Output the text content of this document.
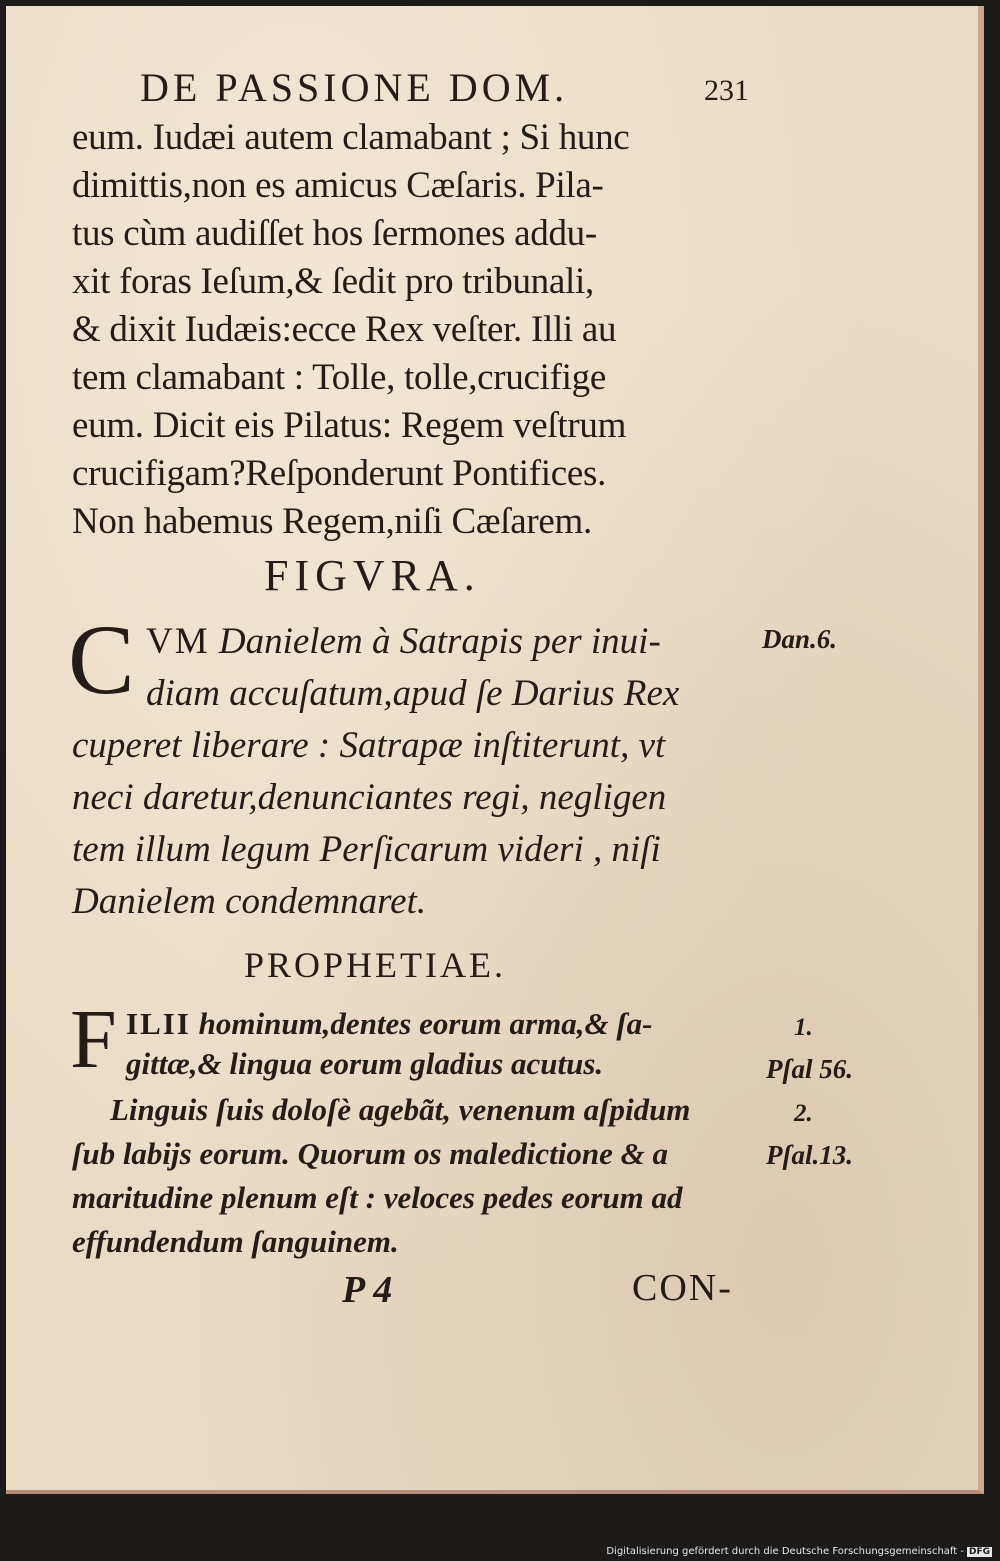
DE PASSIONE DOM.	231
eum. Iudæi autem clamabant ; Si hunc
dimittis,non es amicus Cæſaris. Pila-
tus cùm audiſſet hos ſermones addu-
xit foras Ieſum,& ſedit pro tribunali,
& dixit Iudæis:ecce Rex veſter. Illi au
tem clamabant : Tolle, tolle,crucifige
eum. Dicit eis Pilatus: Regem veſtrum
crucifigam?Reſponderunt Pontifices.
Non habemus Regem,niſi Cæſarem.
FIGVRA.
C VM Danielem à Satrapis per inui-
diam accuſatum,apud ſe Darius Rex
cuperet liberare : Satrapæ inſtiterunt, vt
neci daretur,denunciantes regi, negligen
tem illum legum Perſicarum videri , niſi
Danielem condemnaret.
Dan.6.
PROPHETIAE.
F ILII hominum,dentes eorum arma,& ſa-
gittæ,& lingua eorum gladius acutus.
Linguis ſuis doloſè agebãt, venenum aſpidum
ſub labijs eorum. Quorum os maledictione & a
maritudine plenum eſt : veloces pedes eorum ad
effundendum ſanguinem.
1.
Pſal 56.
2.
Pſal.13.
P 4	CON-
Digitalisierung gefördert durch die Deutsche Forschungsgemeinschaft - DFG
